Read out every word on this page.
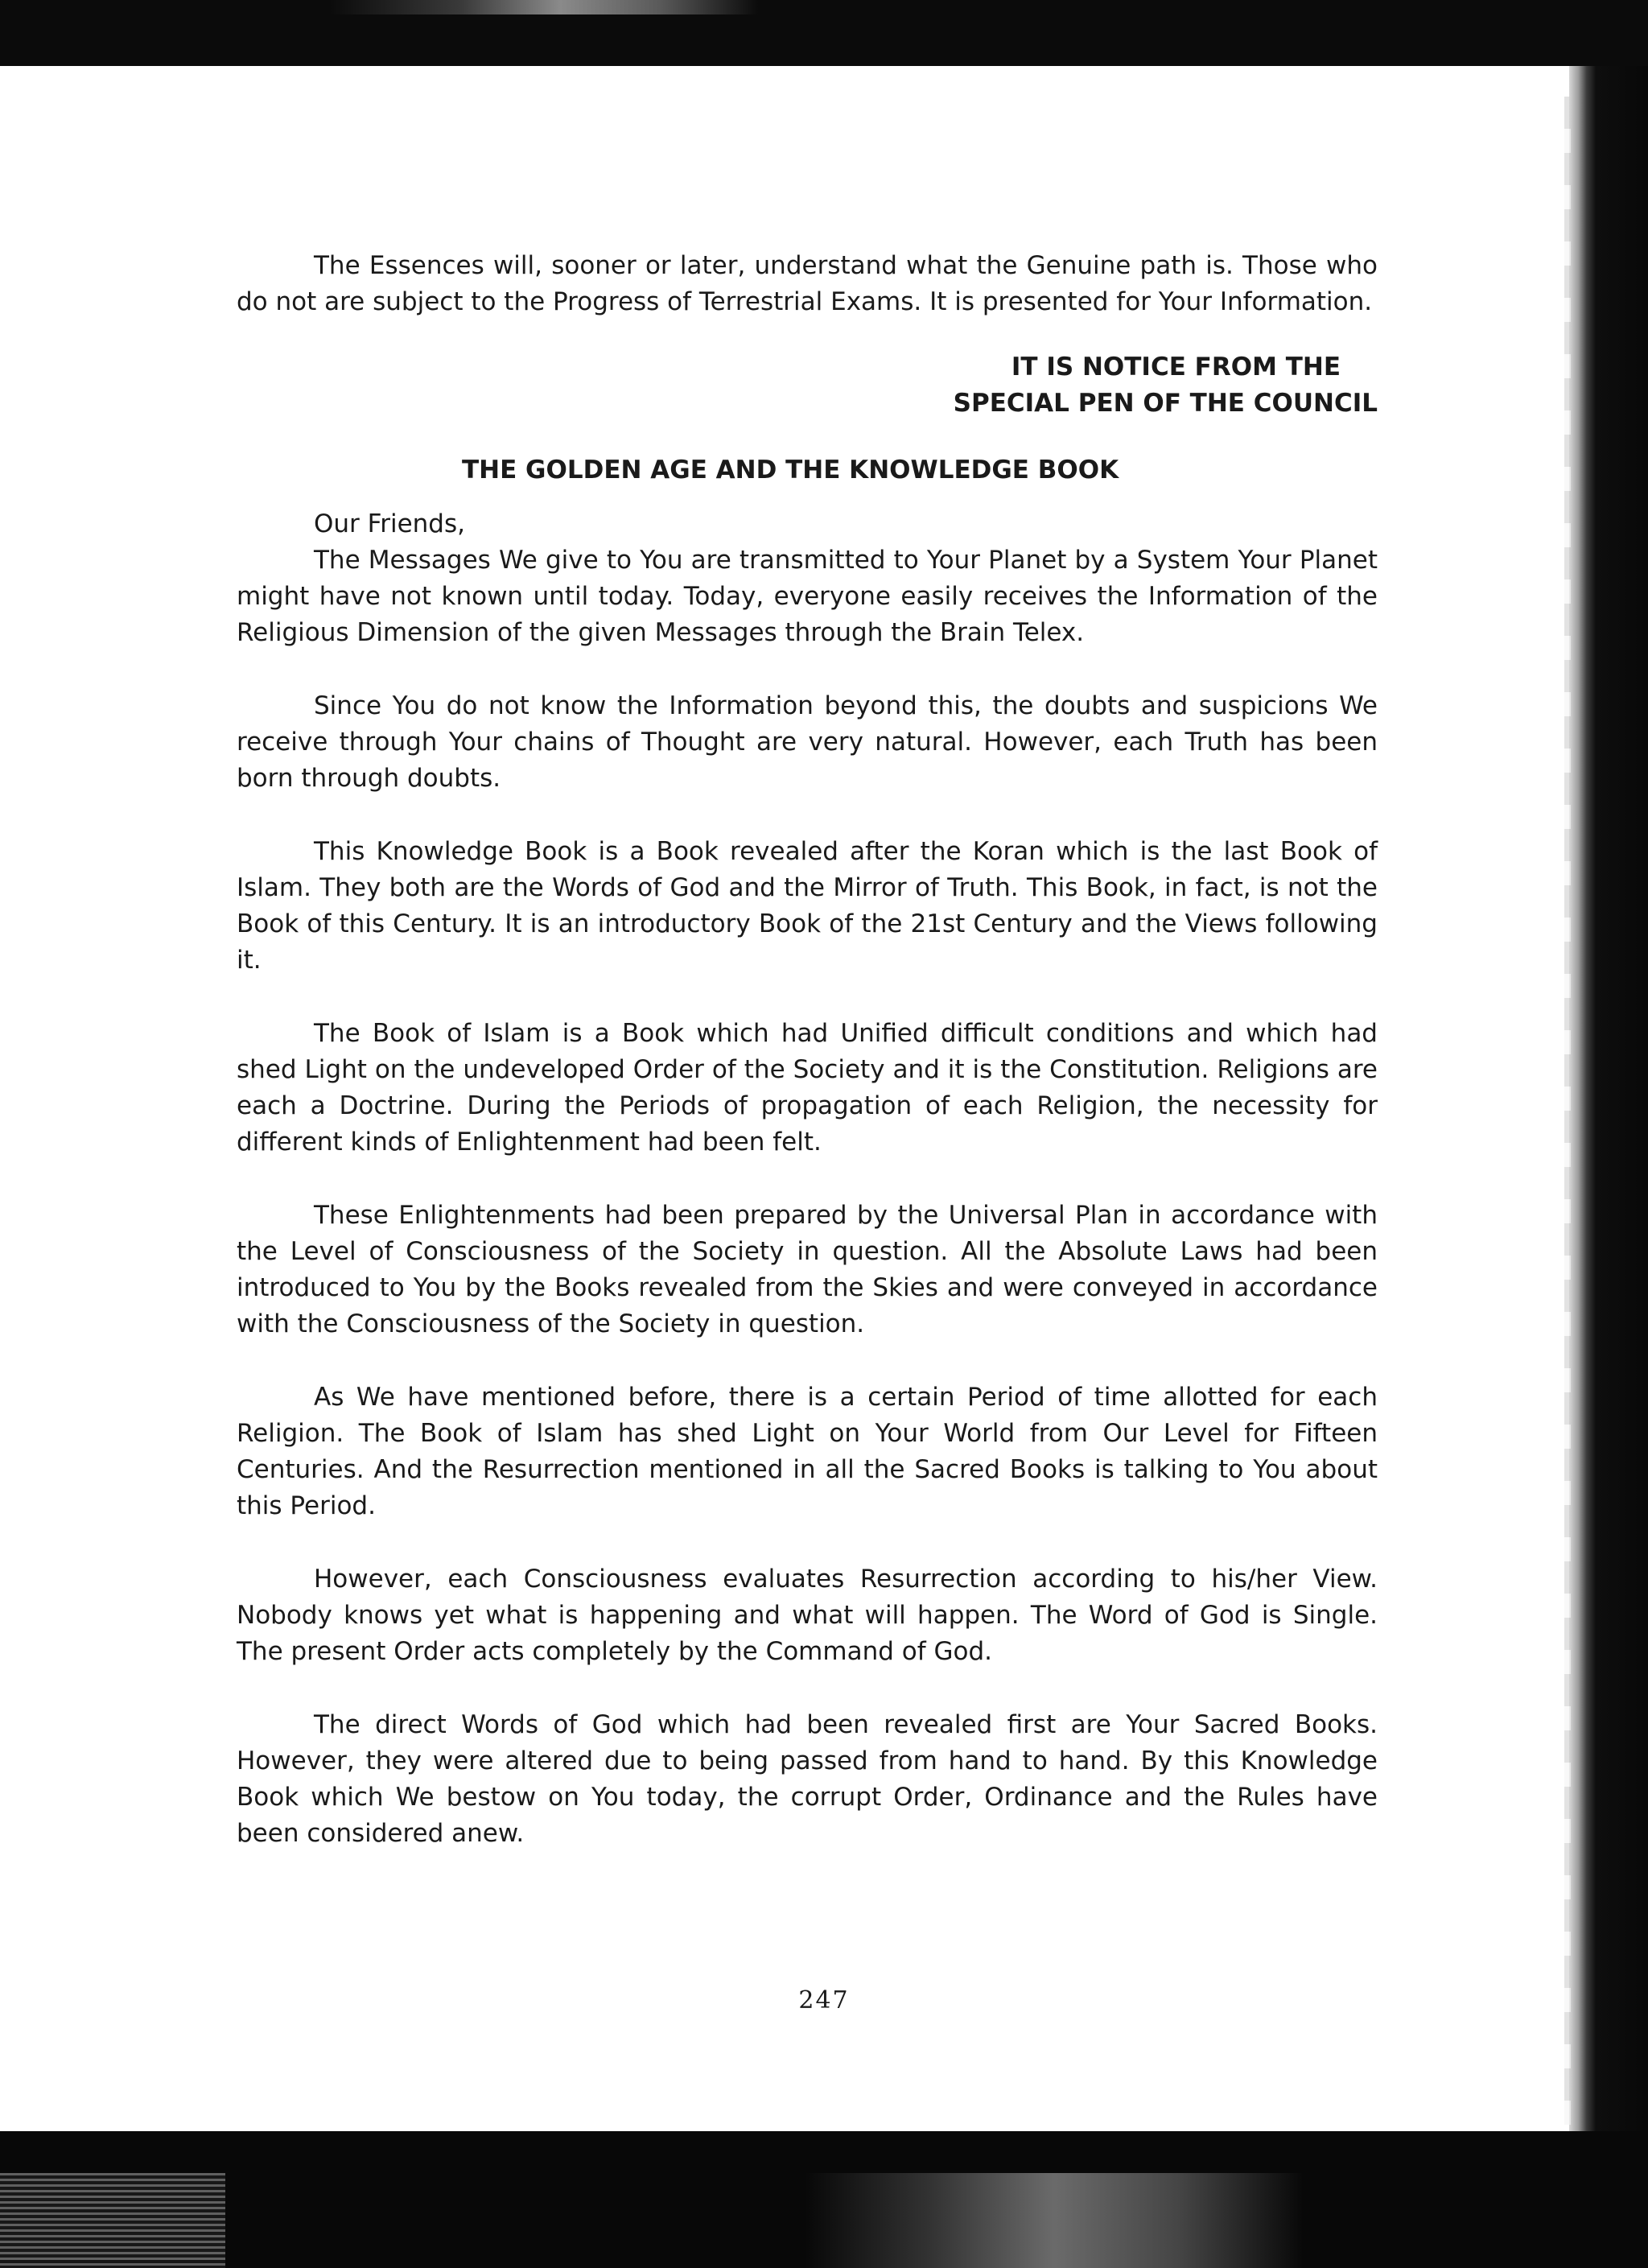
The Essences will, sooner or later, understand what the Genuine path is. Those who do not are subject to the Progress of Terrestrial Exams. It is presented for Your Information.

IT IS NOTICE FROM THE
SPECIAL PEN OF THE COUNCIL

THE GOLDEN AGE AND THE KNOWLEDGE BOOK

Our Friends,

The Messages We give to You are transmitted to Your Planet by a System Your Planet might have not known until today. Today, everyone easily receives the Information of the Religious Dimension of the given Messages through the Brain Telex.

Since You do not know the Information beyond this, the doubts and suspicions We receive through Your chains of Thought are very natural. However, each Truth has been born through doubts.

This Knowledge Book is a Book revealed after the Koran which is the last Book of Islam. They both are the Words of God and the Mirror of Truth. This Book, in fact, is not the Book of this Century. It is an introductory Book of the 21st Century and the Views following it.

The Book of Islam is a Book which had Unified difficult conditions and which had shed Light on the undeveloped Order of the Society and it is the Constitution. Religions are each a Doctrine. During the Periods of propagation of each Religion, the necessity for different kinds of Enlightenment had been felt.

These Enlightenments had been prepared by the Universal Plan in accordance with the Level of Consciousness of the Society in question. All the Absolute Laws had been introduced to You by the Books revealed from the Skies and were conveyed in accordance with the Consciousness of the Society in question.

As We have mentioned before, there is a certain Period of time allotted for each Religion. The Book of Islam has shed Light on Your World from Our Level for Fifteen Centuries. And the Resurrection mentioned in all the Sacred Books is talking to You about this Period.

However, each Consciousness evaluates Resurrection according to his/her View. Nobody knows yet what is happening and what will happen. The Word of God is Single. The present Order acts completely by the Command of God.

The direct Words of God which had been revealed first are Your Sacred Books. However, they were altered due to being passed from hand to hand. By this Knowledge Book which We bestow on You today, the corrupt Order, Ordinance and the Rules have been considered anew.

247
